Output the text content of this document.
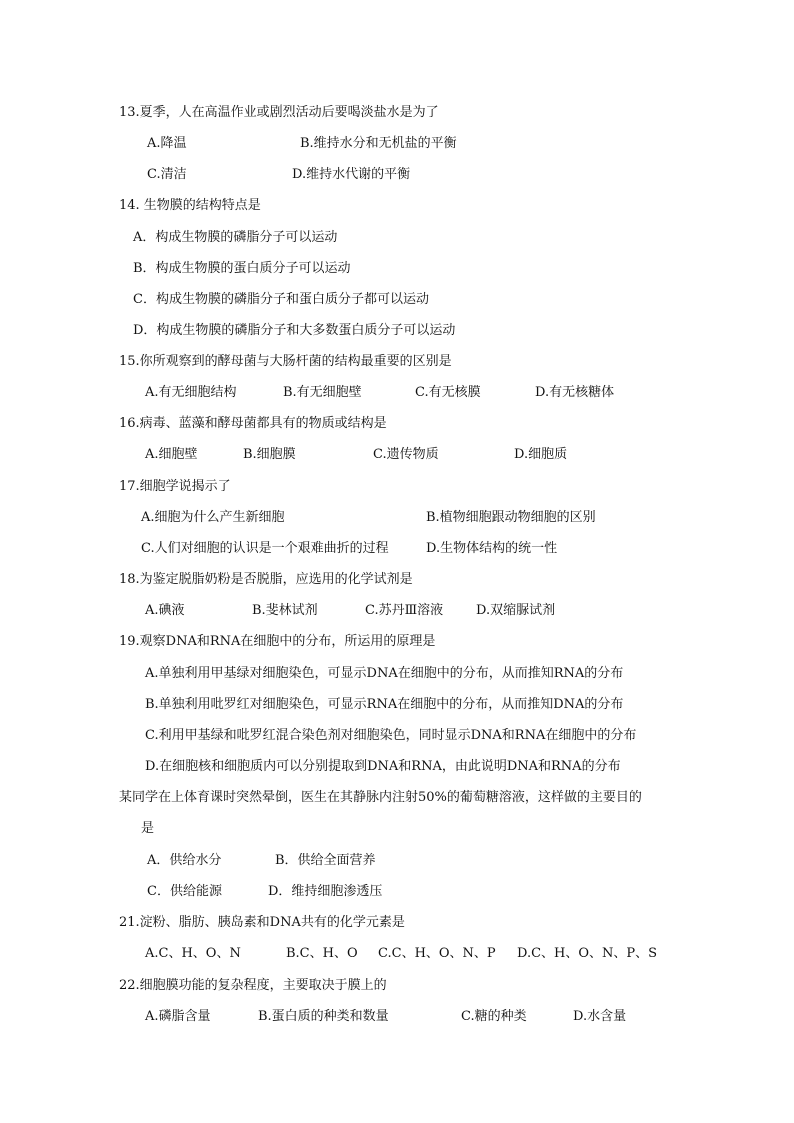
13.夏季，人在高温作业或剧烈活动后要喝淡盐水是为了
A.降温	B.维持水分和无机盐的平衡
C.清洁	D.维持水代谢的平衡
14. 生物膜的结构特点是
A．构成生物膜的磷脂分子可以运动
B．构成生物膜的蛋白质分子可以运动
C．构成生物膜的磷脂分子和蛋白质分子都可以运动
D．构成生物膜的磷脂分子和大多数蛋白质分子可以运动
15.你所观察到的酵母菌与大肠杆菌的结构最重要的区别是
A.有无细胞结构	B.有无细胞壁	C.有无核膜	D.有无核糖体
16.病毒、蓝藻和酵母菌都具有的物质或结构是
A.细胞壁	B.细胞膜	C.遗传物质	D.细胞质
17.细胞学说揭示了
A.细胞为什么产生新细胞	B.植物细胞跟动物细胞的区别
C.人们对细胞的认识是一个艰难曲折的过程	D.生物体结构的统一性
18.为鉴定脱脂奶粉是否脱脂，应选用的化学试剂是
A.碘液	B.斐林试剂	C.苏丹Ⅲ溶液	D.双缩脲试剂
19.观察DNA和RNA在细胞中的分布，所运用的原理是
A.单独利用甲基绿对细胞染色，可显示DNA在细胞中的分布，从而推知RNA的分布
B.单独利用吡罗红对细胞染色，可显示RNA在细胞中的分布，从而推知DNA的分布
C.利用甲基绿和吡罗红混合染色剂对细胞染色，同时显示DNA和RNA在细胞中的分布
D.在细胞核和细胞质内可以分别提取到DNA和RNA，由此说明DNA和RNA的分布
某同学在上体育课时突然晕倒，医生在其静脉内注射50%的葡萄糖溶液，这样做的主要目的
是
A．供给水分	B．供给全面营养
C．供给能源	D．维持细胞渗透压
21.淀粉、脂肪、胰岛素和DNA共有的化学元素是
A.C、H、O、N	B.C、H、O C.C、H、O、N、P D.C、H、O、N、P、S
22.细胞膜功能的复杂程度，主要取决于膜上的
A.磷脂含量	B.蛋白质的种类和数量	C.糖的种类	D.水含量
